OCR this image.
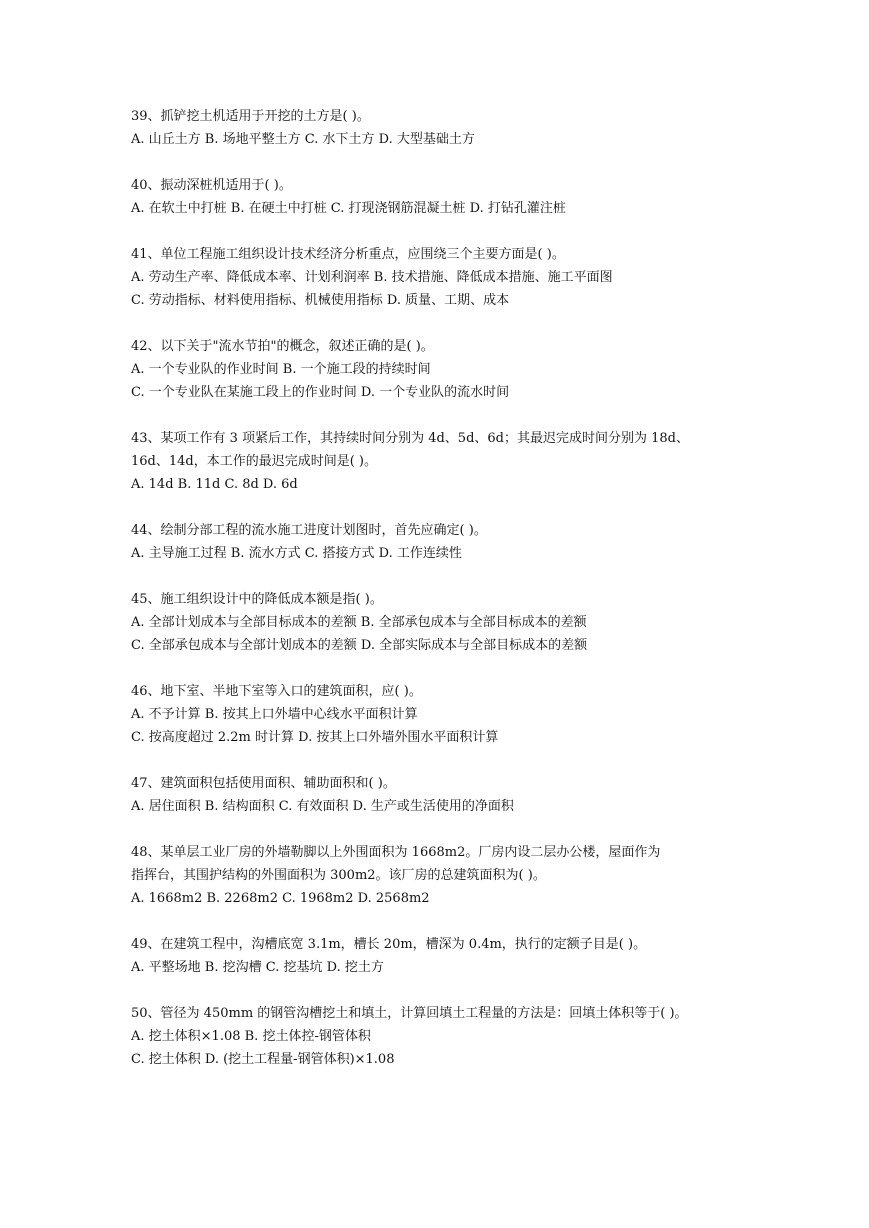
39、抓铲挖土机适用于开挖的土方是( )。
A. 山丘土方 B. 场地平整土方 C. 水下土方 D. 大型基础土方
40、振动深桩机适用于( )。
A. 在软土中打桩 B. 在硬土中打桩 C. 打现浇钢筋混凝土桩 D. 打钻孔灌注桩
41、单位工程施工组织设计技术经济分析重点，应围绕三个主要方面是( )。
A. 劳动生产率、降低成本率、计划利润率 B. 技术措施、降低成本措施、施工平面图
C. 劳动指标、材料使用指标、机械使用指标 D. 质量、工期、成本
42、以下关于"流水节拍"的概念，叙述正确的是( )。
A. 一个专业队的作业时间 B. 一个施工段的持续时间
C. 一个专业队在某施工段上的作业时间 D. 一个专业队的流水时间
43、某项工作有 3 项紧后工作，其持续时间分别为 4d、5d、6d；其最迟完成时间分别为 18d、
16d、14d，本工作的最迟完成时间是( )。
A. 14d B. 11d C. 8d D. 6d
44、绘制分部工程的流水施工进度计划图时，首先应确定( )。
A. 主导施工过程 B. 流水方式 C. 搭接方式 D. 工作连续性
45、施工组织设计中的降低成本额是指( )。
A. 全部计划成本与全部目标成本的差额 B. 全部承包成本与全部目标成本的差额
C. 全部承包成本与全部计划成本的差额 D. 全部实际成本与全部目标成本的差额
46、地下室、半地下室等入口的建筑面积，应( )。
A. 不予计算 B. 按其上口外墙中心线水平面积计算
C. 按高度超过 2.2m 时计算 D. 按其上口外墙外围水平面积计算
47、建筑面积包括使用面积、辅助面积和( )。
A. 居住面积 B. 结构面积 C. 有效面积 D. 生产或生活使用的净面积
48、某单层工业厂房的外墙勒脚以上外围面积为 1668m2。厂房内设二层办公楼，屋面作为
指挥台，其围护结构的外围面积为 300m2。该厂房的总建筑面积为( )。
A. 1668m2 B. 2268m2 C. 1968m2 D. 2568m2
49、在建筑工程中，沟槽底宽 3.1m，槽长 20m，槽深为 0.4m，执行的定额子目是( )。
A. 平整场地 B. 挖沟槽 C. 挖基坑 D. 挖土方
50、管径为 450mm 的钢管沟槽挖土和填土，计算回填土工程量的方法是：回填土体积等于( )。
A. 挖土体积×1.08 B. 挖土体控-钢管体积
C. 挖土体积 D. (挖土工程量-钢管体积)×1.08
